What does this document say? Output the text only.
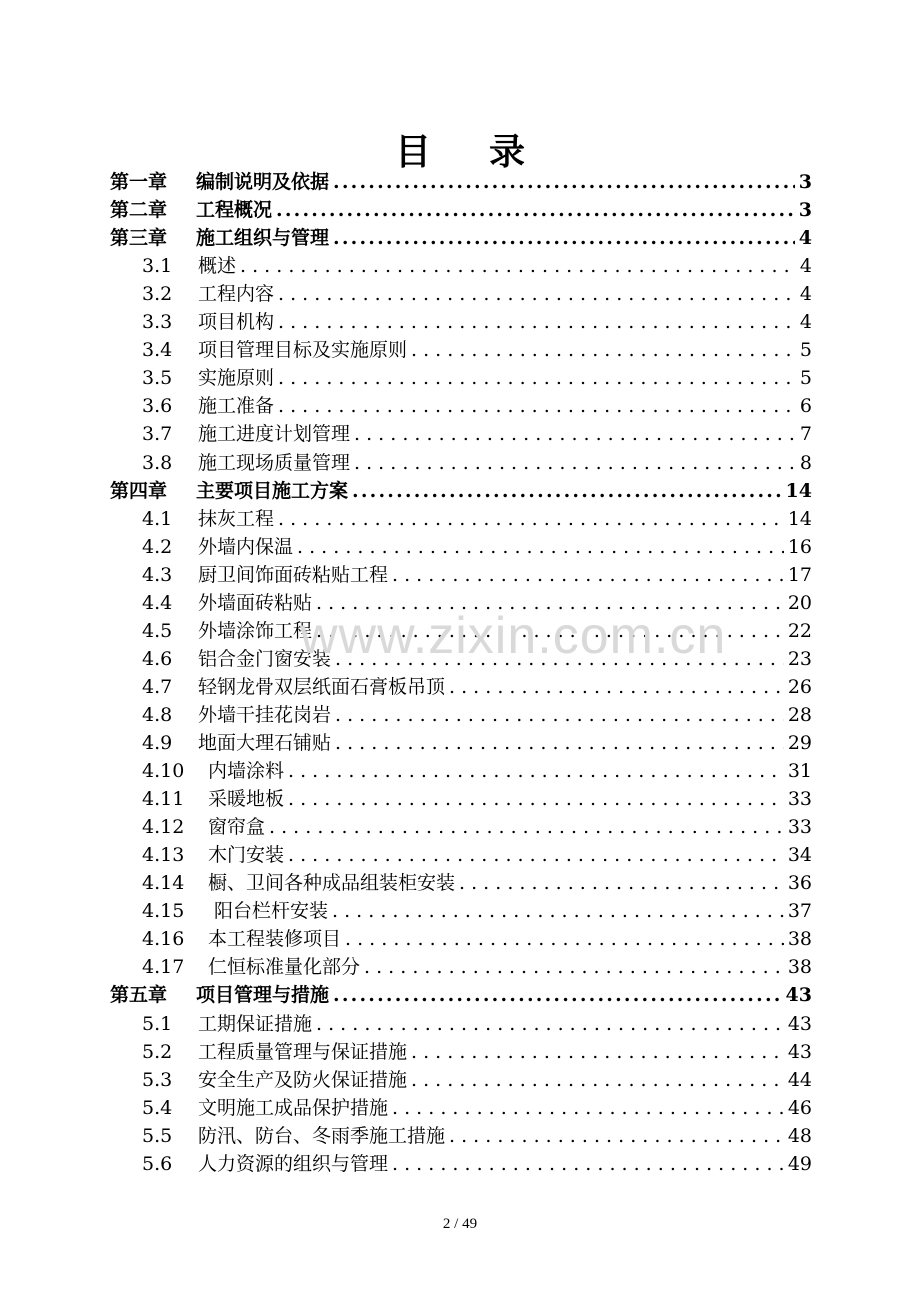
目 录
第一章	编制说明及依据 .....	3
第二章	工程概况 .....	3
第三章	施工组织与管理 .....	4
3.1	概述 . . .	4
3.2	工程内容 . . .	4
3.3	项目机构 . . .	4
3.4	项目管理目标及实施原则 . . .	5
3.5	实施原则 . . .	5
3.6	施工准备 . . .	6
3.7	施工进度计划管理 . . .	7
3.8	施工现场质量管理 . . .	8
第四章	主要项目施工方案 .....	14
4.1	抹灰工程 . . .	14
4.2	外墙内保温 . . .	16
4.3	厨卫间饰面砖粘贴工程 . . .	17
4.4	外墙面砖粘贴 . . .	20
4.5	外墙涂饰工程 . . .	22
4.6	铝合金门窗安装 . . .	23
4.7	轻钢龙骨双层纸面石膏板吊顶 . . .	26
4.8	外墙干挂花岗岩 . . .	28
4.9	地面大理石铺贴 . . .	29
4.10	内墙涂料 . . .	31
4.11	采暖地板 . . .	33
4.12	窗帘盒 . . .	33
4.13	木门安装 . . .	34
4.14	橱、卫间各种成品组装柜安装 . . .	36
4.15	阳台栏杆安装 . . .	37
4.16	本工程装修项目 . . .	38
4.17	仁恒标准量化部分 . . .	38
第五章	项目管理与措施 .....	43
5.1	工期保证措施 . . .	43
5.2	工程质量管理与保证措施 . . .	43
5.3	安全生产及防火保证措施 . . .	44
5.4	文明施工成品保护措施 . . .	46
5.5	防汛、防台、冬雨季施工措施 . . .	48
5.6	人力资源的组织与管理 . . .	49
www.zixin.com.cn
2 / 49
